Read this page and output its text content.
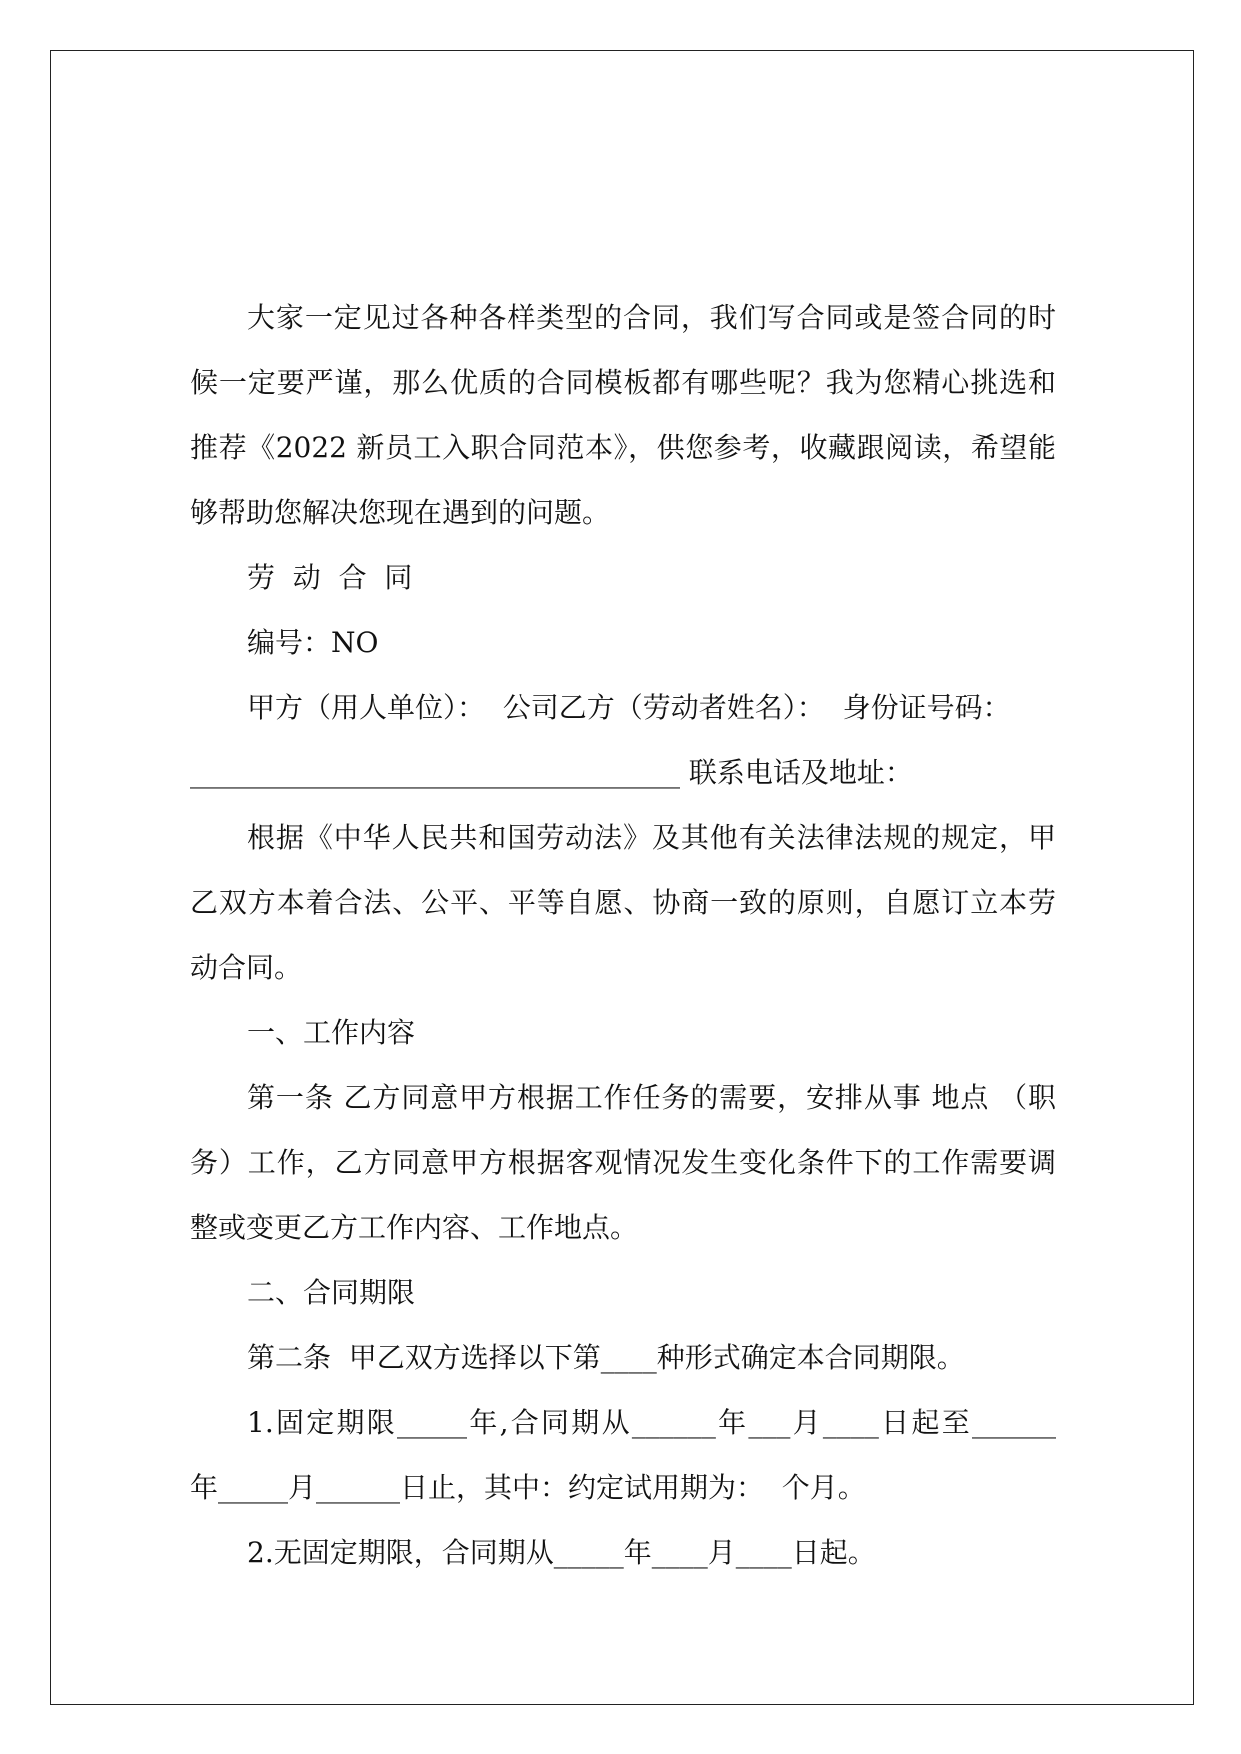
大家一定见过各种各样类型的合同，我们写合同或是签合同的时
候一定要严谨，那么优质的合同模板都有哪些呢？我为您精心挑选和
推荐《2022 新员工入职合同范本》，供您参考，收藏跟阅读，希望能
够帮助您解决您现在遇到的问题。
劳  动  合  同
编号：NO
甲方（用人单位）：  公司乙方（劳动者姓名）：  身份证号码：
___________________________________ 联系电话及地址：
根据《中华人民共和国劳动法》及其他有关法律法规的规定，甲
乙双方本着合法、公平、平等自愿、协商一致的原则，自愿订立本劳
动合同。
一、工作内容
第一条 乙方同意甲方根据工作任务的需要，安排从事 地点 （职
务）工作，乙方同意甲方根据客观情况发生变化条件下的工作需要调
整或变更乙方工作内容、工作地点。
二、合同期限
第二条  甲乙双方选择以下第____种形式确定本合同期限。
1.固定期限_____年,合同期从______年___月____日起至______
年_____月______日止，其中：约定试用期为：  个月。
2.无固定期限，合同期从_____年____月____日起。
